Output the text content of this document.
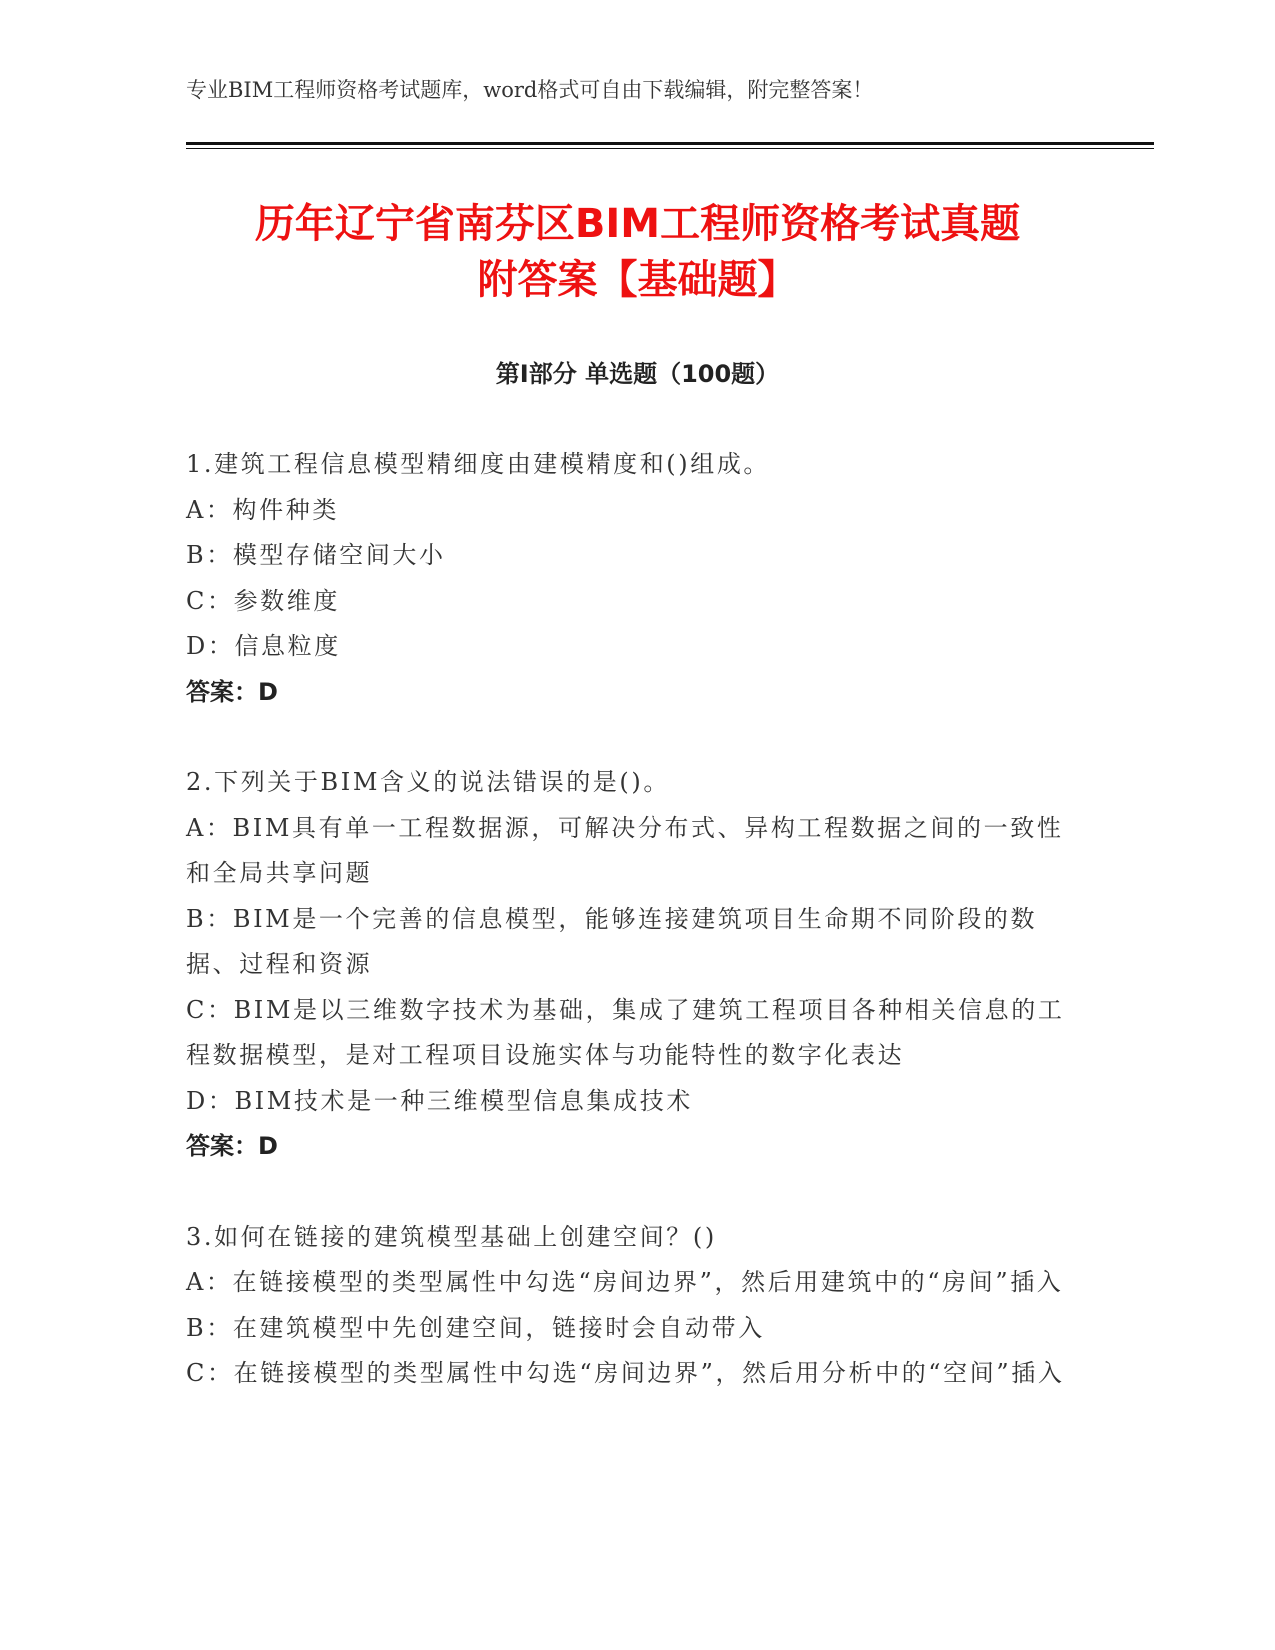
专业BIM工程师资格考试题库，word格式可自由下载编辑，附完整答案！
历年辽宁省南芬区BIM工程师资格考试真题
附答案【基础题】
第Ⅰ部分 单选题（100题）

1.建筑工程信息模型精细度由建模精度和()组成。

A：构件种类

B：模型存储空间大小

C：参数维度

D：信息粒度

答案：D

2.下列关于BIM含义的说法错误的是()。

A：BIM具有单一工程数据源，可解决分布式、异构工程数据之间的一致性和全局共享问题

B：BIM是一个完善的信息模型，能够连接建筑项目生命期不同阶段的数据、过程和资源

C：BIM是以三维数字技术为基础，集成了建筑工程项目各种相关信息的工程数据模型，是对工程项目设施实体与功能特性的数字化表达

D：BIM技术是一种三维模型信息集成技术

答案：D

3.如何在链接的建筑模型基础上创建空间？()

A：在链接模型的类型属性中勾选“房间边界”，然后用建筑中的“房间”插入

B：在建筑模型中先创建空间，链接时会自动带入

C：在链接模型的类型属性中勾选“房间边界”，然后用分析中的“空间”插入
